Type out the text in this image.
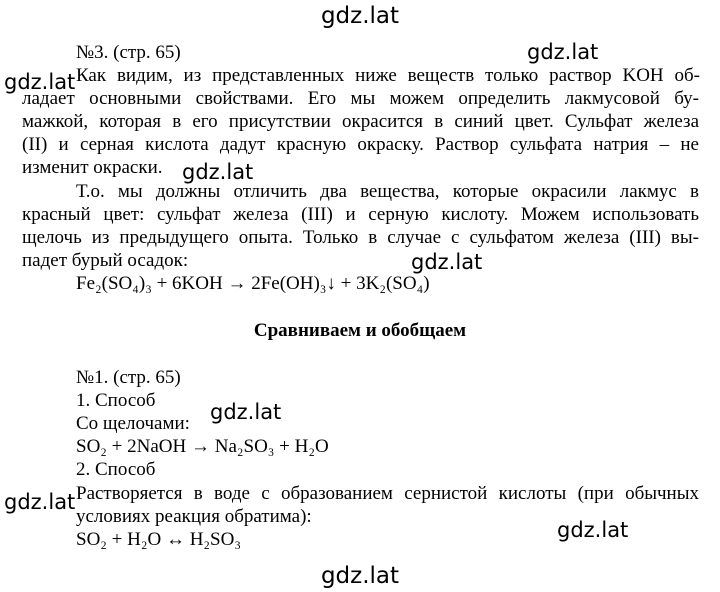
gdz.lat
№3. (стр. 65)	gdz.lat
gdz.lat Как видим, из представленных ниже веществ только раствор KOH об-
ладает основными свойствами. Его мы можем определить лакмусовой бу-
мажкой, которая в его присутствии окрасится в синий цвет. Сульфат железа
(II) и серная кислота дадут красную окраску. Раствор сульфата натрия – не
изменит окраски. gdz.lat
Т.о. мы должны отличить два вещества, которые окрасили лакмус в
красный цвет: сульфат железа (III) и серную кислоту. Можем использовать
щелочь из предыдущего опыта. Только в случае с сульфатом железа (III) вы-
падет бурый осадок:	gdz.lat
Fe₂(SO₄)₃ + 6KOH → 2Fe(OH)₃↓ + 3K₂(SO₄)
Сравниваем и обобщаем
№1. (стр. 65)
1. Способ
Со щелочами: gdz.lat
SO₂ + 2NaOH → Na₂SO₃ + H₂O
2. Способ
gdz.lat Растворяется в воде с образованием сернистой кислоты (при обычных
условиях реакция обратима):
SO₂ + H₂O ↔ H₂SO₃	gdz.lat
gdz.lat
